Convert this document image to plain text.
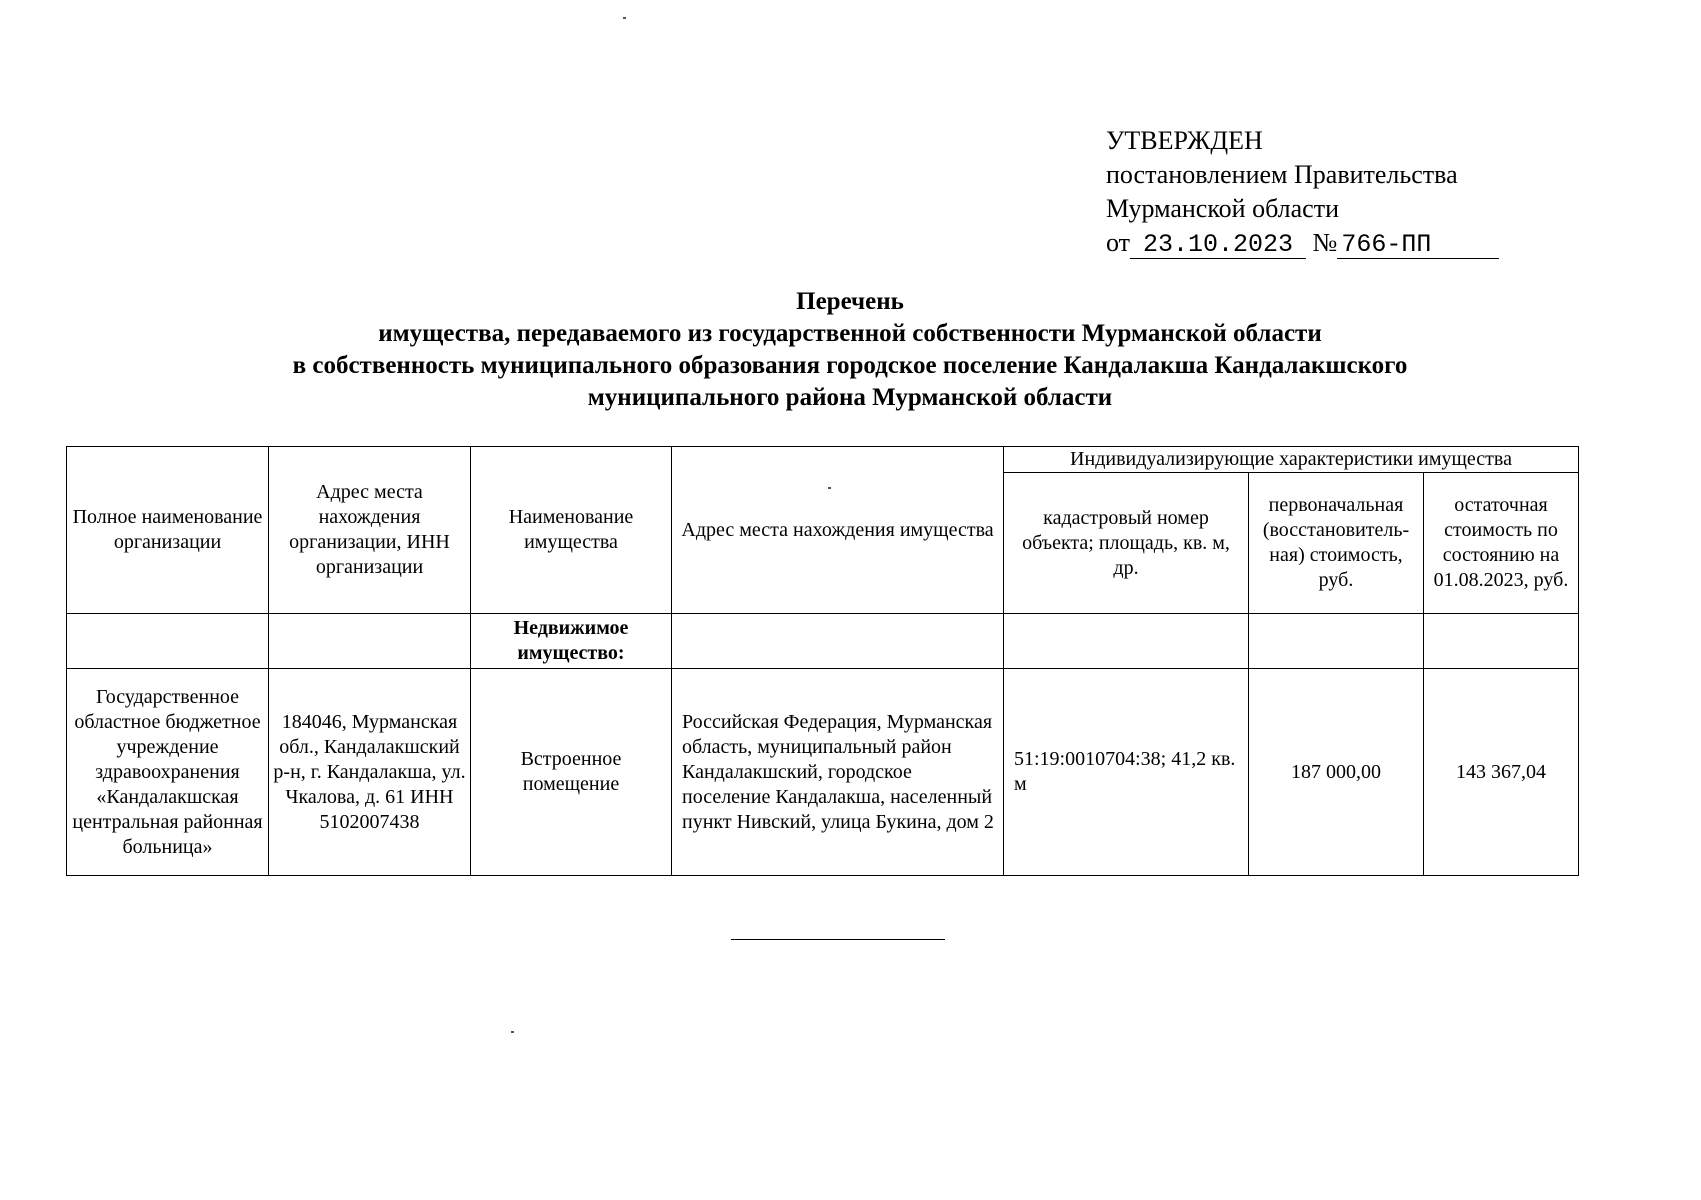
УТВЕРЖДЕН
постановлением Правительства
Мурманской области
от 23.10.2023 № 766-ПП
Перечень
имущества, передаваемого из государственной собственности Мурманской области
в собственность муниципального образования городское поселение Кандалакша Кандалакшского
муниципального района Мурманской области
Полное наименование организации	Адрес места нахождения организации, ИНН организации	Наименование имущества	Адрес места нахождения имущества	Индивидуализирующие характеристики имущества		
				кадастровый номер объекта; площадь, кв. м, др.	первоначальная (восстановитель-ная) стоимость, руб.	остаточная стоимость по состоянию на 01.08.2023, руб.
		Недвижимое имущество:				
Государственное областное бюджетное учреждение здравоохранения «Кандалакшская центральная районная больница»	184046, Мурманская обл., Кандалакшский р-н, г. Кандалакша, ул. Чкалова, д. 61 ИНН 5102007438	Встроенное помещение	Российская Федерация, Мурманская область, муниципальный район Кандалакшский, городское поселение Кандалакша, населенный пункт Нивский, улица Букина, дом 2	51:19:0010704:38; 41,2 кв. м	187 000,00	143 367,04
